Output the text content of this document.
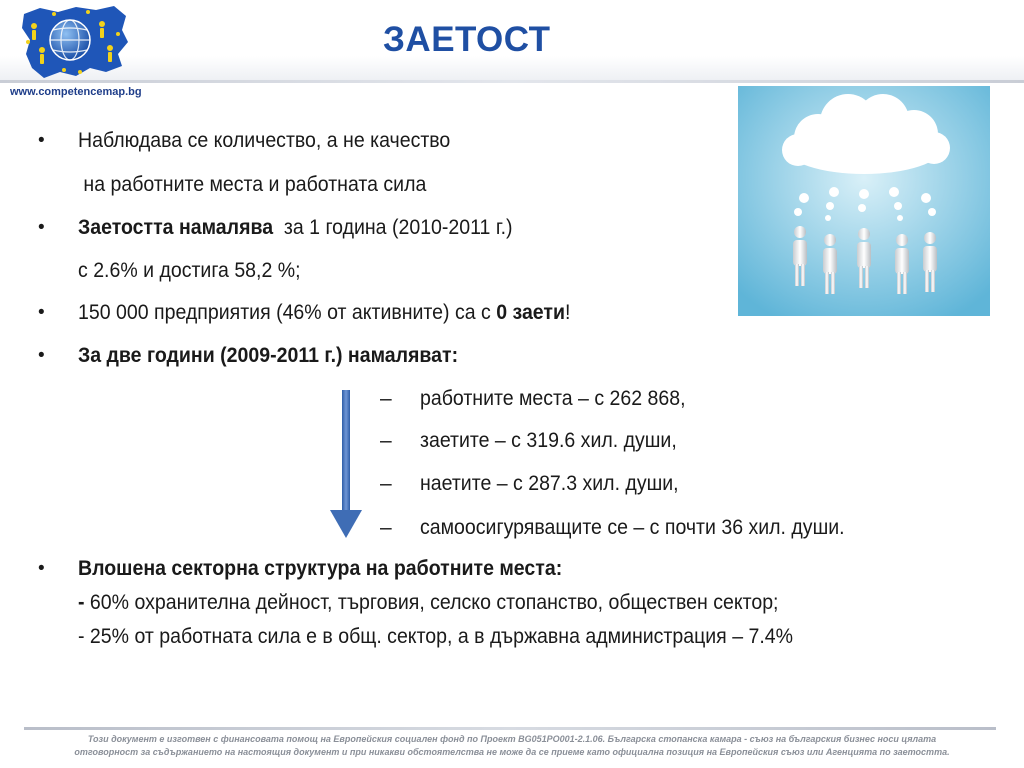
www.competencemap.bg
ЗАЕТОСТ
• Наблюдава се количество, а не качество
на работните места и работната сила
• Заетостта намалява  за 1 година (2010-2011 г.)
с 2.6% и достига 58,2 %;
• 150 000 предприятия (46% от активните) са с 0 заети!
• За две години (2009-2011 г.) намаляват:
– работните места – с 262 868,
– заетите – с 319.6 хил. души,
– наетите – с 287.3 хил. души,
– самоосигуряващите се – с почти 36 хил. души.
• Влошена секторна структура на работните места:
- 60% охранителна дейност, търговия, селско стопанство, обществен сектор;
- 25% от работната сила е в общ. сектор, а в държавна администрация – 7.4%
Този документ е изготвен с финансовата помощ на Европейския социален фонд по Проект BG051PO001-2.1.06. Българска стопанска камара - съюз на българския бизнес носи цялата
отговорност за съдържанието на настоящия документ и при никакви обстоятелства не може да се приеме като официална позиция на Европейския съюз или Агенцията по заетостта.
